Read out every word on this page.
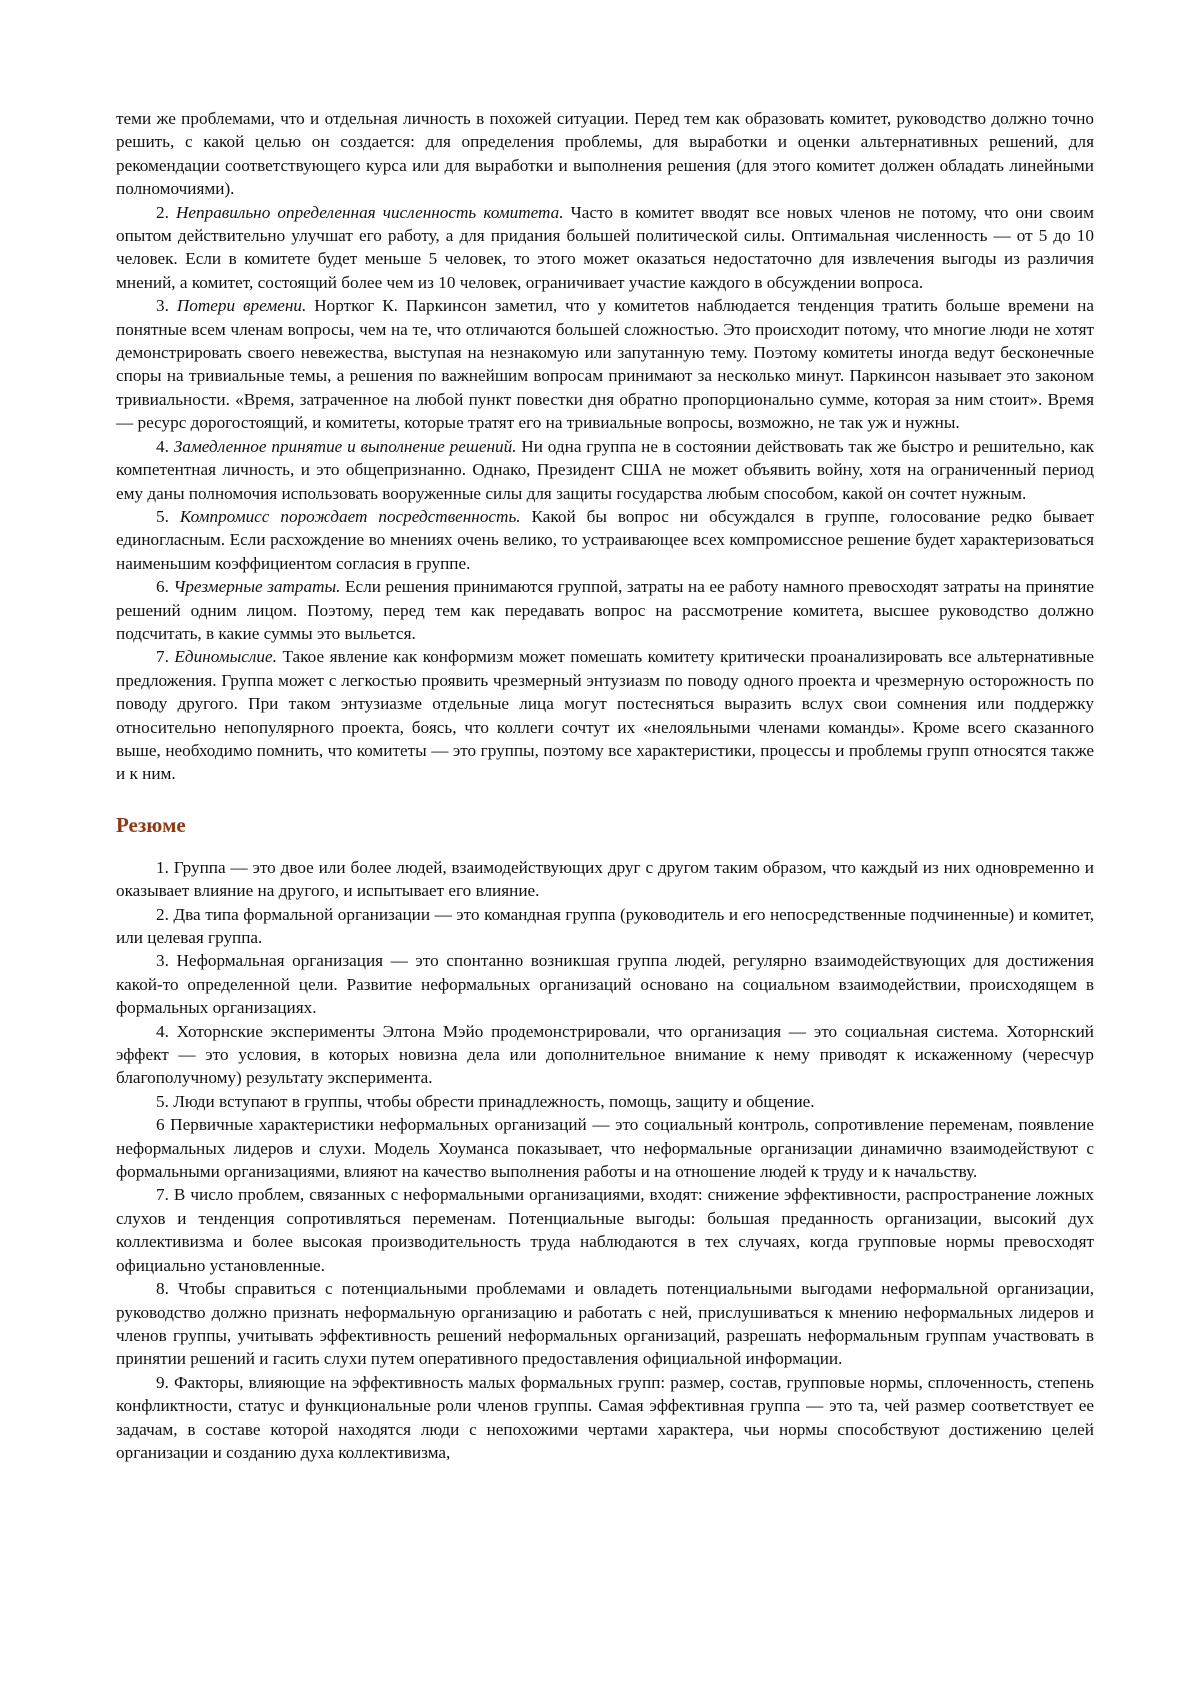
теми же проблемами, что и отдельная личность в похожей ситуации. Перед тем как образовать комитет, руководство должно точно решить, с какой целью он создается: для определения проблемы, для выработки и оценки альтернативных решений, для рекомендации соответствующего курса или для выработки и выполнения решения (для этого комитет должен обладать линейными полномочиями).

2. Неправильно определенная численность комитета. Часто в комитет вводят все новых членов не потому, что они своим опытом действительно улучшат его работу, а для придания большей политической силы. Оптимальная численность — от 5 до 10 человек. Если в комитете будет меньше 5 человек, то этого может оказаться недостаточно для извлечения выгоды из различия мнений, а комитет, состоящий более чем из 10 человек, ограничивает участие каждого в обсуждении вопроса.

3. Потери времени. Нортког К. Паркинсон заметил, что у комитетов наблюдается тенденция тратить больше времени на понятные всем членам вопросы, чем на те, что отличаются большей сложностью. Это происходит потому, что многие люди не хотят демонстрировать своего невежества, выступая на незнакомую или запутанную тему. Поэтому комитеты иногда ведут бесконечные споры на тривиальные темы, а решения по важнейшим вопросам принимают за несколько минут. Паркинсон называет это законом тривиальности. «Время, затраченное на любой пункт повестки дня обратно пропорционально сумме, которая за ним стоит». Время — ресурс дорогостоящий, и комитеты, которые тратят его на тривиальные вопросы, возможно, не так уж и нужны.

4. Замедленное принятие и выполнение решений. Ни одна группа не в состоянии действовать так же быстро и решительно, как компетентная личность, и это общепризнанно. Однако, Президент США не может объявить войну, хотя на ограниченный период ему даны полномочия использовать вооруженные силы для защиты государства любым способом, какой он сочтет нужным.

5. Компромисс порождает посредственность. Какой бы вопрос ни обсуждался в группе, голосование редко бывает единогласным. Если расхождение во мнениях очень велико, то устраивающее всех компромиссное решение будет характеризоваться наименьшим коэффициентом согласия в группе.

6. Чрезмерные затраты. Если решения принимаются группой, затраты на ее работу намного превосходят затраты на принятие решений одним лицом. Поэтому, перед тем как передавать вопрос на рассмотрение комитета, высшее руководство должно подсчитать, в какие суммы это выльется.

7. Единомыслие. Такое явление как конформизм может помешать комитету критически проанализировать все альтернативные предложения. Группа может с легкостью проявить чрезмерный энтузиазм по поводу одного проекта и чрезмерную осторожность по поводу другого. При таком энтузиазме отдельные лица могут постесняться выразить вслух свои сомнения или поддержку относительно непопулярного проекта, боясь, что коллеги сочтут их «нелояльными членами команды». Кроме всего сказанного выше, необходимо помнить, что комитеты — это группы, поэтому все характеристики, процессы и проблемы групп относятся также и к ним.

Резюме

1. Группа — это двое или более людей, взаимодействующих друг с другом таким образом, что каждый из них одновременно и оказывает влияние на другого, и испытывает его влияние.

2. Два типа формальной организации — это командная группа (руководитель и его непосредственные подчиненные) и комитет, или целевая группа.

3. Неформальная организация — это спонтанно возникшая группа людей, регулярно взаимодействующих для достижения какой-то определенной цели. Развитие неформальных организаций основано на социальном взаимодействии, происходящем в формальных организациях.

4. Хоторнские эксперименты Элтона Мэйо продемонстрировали, что организация — это социальная система. Хоторнский эффект — это условия, в которых новизна дела или дополнительное внимание к нему приводят к искаженному (чересчур благополучному) результату эксперимента.

5. Люди вступают в группы, чтобы обрести принадлежность, помощь, защиту и общение.

6 Первичные характеристики неформальных организаций — это социальный контроль, сопротивление переменам, появление неформальных лидеров и слухи. Модель Хоуманса показывает, что неформальные организации динамично взаимодействуют с формальными организациями, влияют на качество выполнения работы и на отношение людей к труду и к начальству.

7. В число проблем, связанных с неформальными организациями, входят: снижение эффективности, распространение ложных слухов и тенденция сопротивляться переменам. Потенциальные выгоды: большая преданность организации, высокий дух коллективизма и более высокая производительность труда наблюдаются в тех случаях, когда групповые нормы превосходят официально установленные.

8. Чтобы справиться с потенциальными проблемами и овладеть потенциальными выгодами неформальной организации, руководство должно признать неформальную организацию и работать с ней, прислушиваться к мнению неформальных лидеров и членов группы, учитывать эффективность решений неформальных организаций, разрешать неформальным группам участвовать в принятии решений и гасить слухи путем оперативного предоставления официальной информации.

9. Факторы, влияющие на эффективность малых формальных групп: размер, состав, групповые нормы, сплоченность, степень конфликтности, статус и функциональные роли членов группы. Самая эффективная группа — это та, чей размер соответствует ее задачам, в составе которой находятся люди с непохожими чертами характера, чьи нормы способствуют достижению целей организации и созданию духа коллективизма,
